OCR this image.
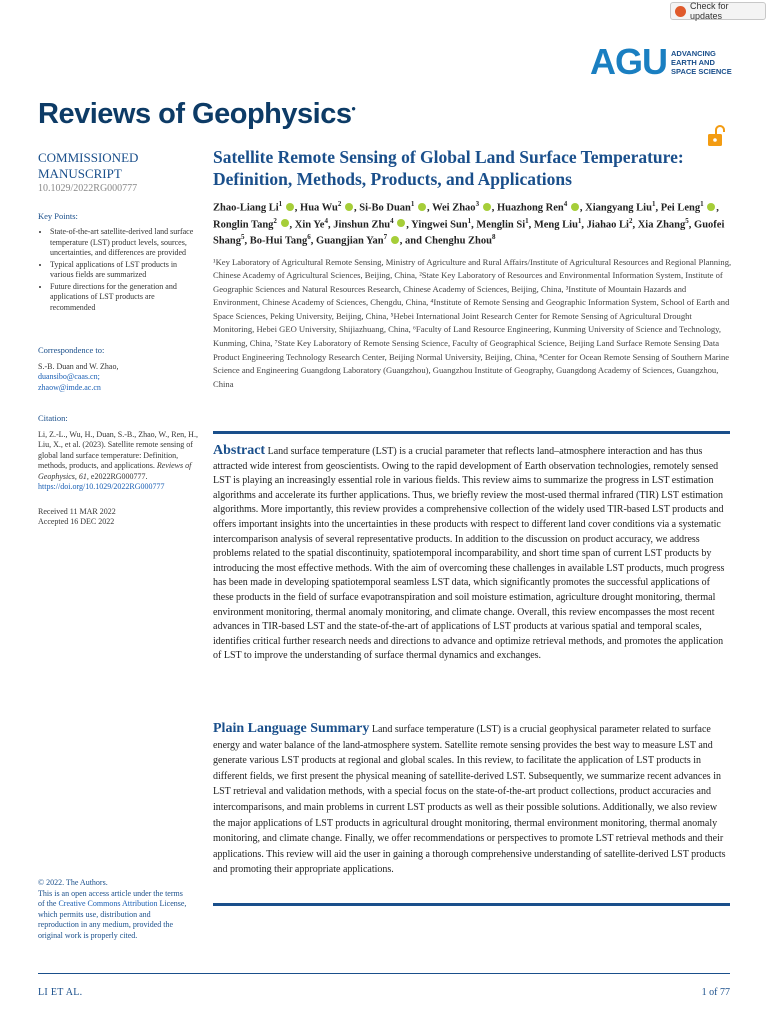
Check for updates
AGU ADVANCING
EARTH AND
SPACE SCIENCE
Reviews of Geophysics•
COMMISSIONED
MANUSCRIPT
10.1029/2022RG000777
Key Points:
• State-of-the-art satellite-derived land surface temperature (LST) product levels, sources, uncertainties, and differences are provided
• Typical applications of LST products in various fields are summarized
• Future directions for the generation and applications of LST products are recommended
Correspondence to:

S.-B. Duan and W. Zhao,

duansibo@caas.cn;

zhaow@imde.ac.cn

Citation:

Li, Z.-L., Wu, H., Duan, S.-B., Zhao, W., Ren, H., Liu, X., et al. (2023). Satellite remote sensing of global land surface temperature: Definition, methods, products, and applications. Reviews of Geophysics, 61, e2022RG000777. https://doi.org/10.1029/2022RG000777

Received 11 MAR 2022

Accepted 16 DEC 2022

© 2022. The Authors.
This is an open access article under the terms of the Creative Commons Attribution License, which permits use, distribution and reproduction in any medium, provided the original work is properly cited.
Satellite Remote Sensing of Global Land Surface Temperature: Definition, Methods, Products, and Applications
Zhao-Liang Li$^1$ , Hua Wu$^2$ , Si-Bo Duan$^1$ , Wei Zhao$^3$ , Huazhong Ren$^4$ , Xiangyang Liu$^1$, Pei Leng$^1$ , Ronglin Tang$^2$ , Xin Ye$^4$, Jinshun Zhu$^4$ , Yingwei Sun$^1$, Menglin Si$^1$, Meng Liu$^1$, Jiahao Li$^2$, Xia Zhang$^5$, Guofei Shang$^5$, Bo-Hui Tang$^6$, Guangjian Yan$^7$ , and Chenghu Zhou$^8$
¹Key Laboratory of Agricultural Remote Sensing, Ministry of Agriculture and Rural Affairs/Institute of Agricultural Resources and Regional Planning, Chinese Academy of Agricultural Sciences, Beijing, China, ²State Key Laboratory of Resources and Environmental Information System, Institute of Geographic Sciences and Natural Resources Research, Chinese Academy of Sciences, Beijing, China, ³Institute of Mountain Hazards and Environment, Chinese Academy of Sciences, Chengdu, China, ⁴Institute of Remote Sensing and Geographic Information System, School of Earth and Space Sciences, Peking University, Beijing, China, ⁵Hebei International Joint Research Center for Remote Sensing of Agricultural Drought Monitoring, Hebei GEO University, Shijiazhuang, China, ⁶Faculty of Land Resource Engineering, Kunming University of Science and Technology, Kunming, China, ⁷State Key Laboratory of Remote Sensing Science, Faculty of Geographical Science, Beijing Land Surface Remote Sensing Data Product Engineering Technology Research Center, Beijing Normal University, Beijing, China, ⁸Center for Ocean Remote Sensing of Southern Marine Science and Engineering Guangdong Laboratory (Guangzhou), Guangzhou Institute of Geography, Guangdong Academy of Sciences, Guangzhou, China
Abstract Land surface temperature (LST) is a crucial parameter that reflects land–atmosphere interaction and has thus attracted wide interest from geoscientists. Owing to the rapid development of Earth observation technologies, remotely sensed LST is playing an increasingly essential role in various fields. This review aims to summarize the progress in LST estimation algorithms and accelerate its further applications. Thus, we briefly review the most-used thermal infrared (TIR) LST estimation algorithms. More importantly, this review provides a comprehensive collection of the widely used TIR-based LST products and offers important insights into the uncertainties in these products with respect to different land cover conditions via a systematic intercomparison analysis of several representative products. In addition to the discussion on product accuracy, we address problems related to the spatial discontinuity, spatiotemporal incomparability, and short time span of current LST products by introducing the most effective methods. With the aim of overcoming these challenges in available LST products, much progress has been made in developing spatiotemporal seamless LST data, which significantly promotes the successful applications of these products in the field of surface evapotranspiration and soil moisture estimation, agriculture drought monitoring, thermal environment monitoring, thermal anomaly monitoring, and climate change. Overall, this review encompasses the most recent advances in TIR-based LST and the state-of-the-art of applications of LST products at various spatial and temporal scales, identifies critical further research needs and directions to advance and optimize retrieval methods, and promotes the application of LST to improve the understanding of surface thermal dynamics and exchanges.
Plain Language Summary Land surface temperature (LST) is a crucial geophysical parameter related to surface energy and water balance of the land-atmosphere system. Satellite remote sensing provides the best way to measure LST and generate various LST products at regional and global scales. In this review, to facilitate the application of LST products in different fields, we first present the physical meaning of satellite-derived LST. Subsequently, we summarize recent advances in LST retrieval and validation methods, with a special focus on the state-of-the-art product collections, product accuracies and intercomparisons, and main problems in current LST products as well as their possible solutions. Additionally, we also review the major applications of LST products in agricultural drought monitoring, thermal environment monitoring, thermal anomaly monitoring, and climate change. Finally, we offer recommendations or perspectives to promote LST retrieval methods and their applications. This review will aid the user in gaining a thorough comprehensive understanding of satellite-derived LST products and promoting their appropriate applications.
LI ET AL.	1 of 77
